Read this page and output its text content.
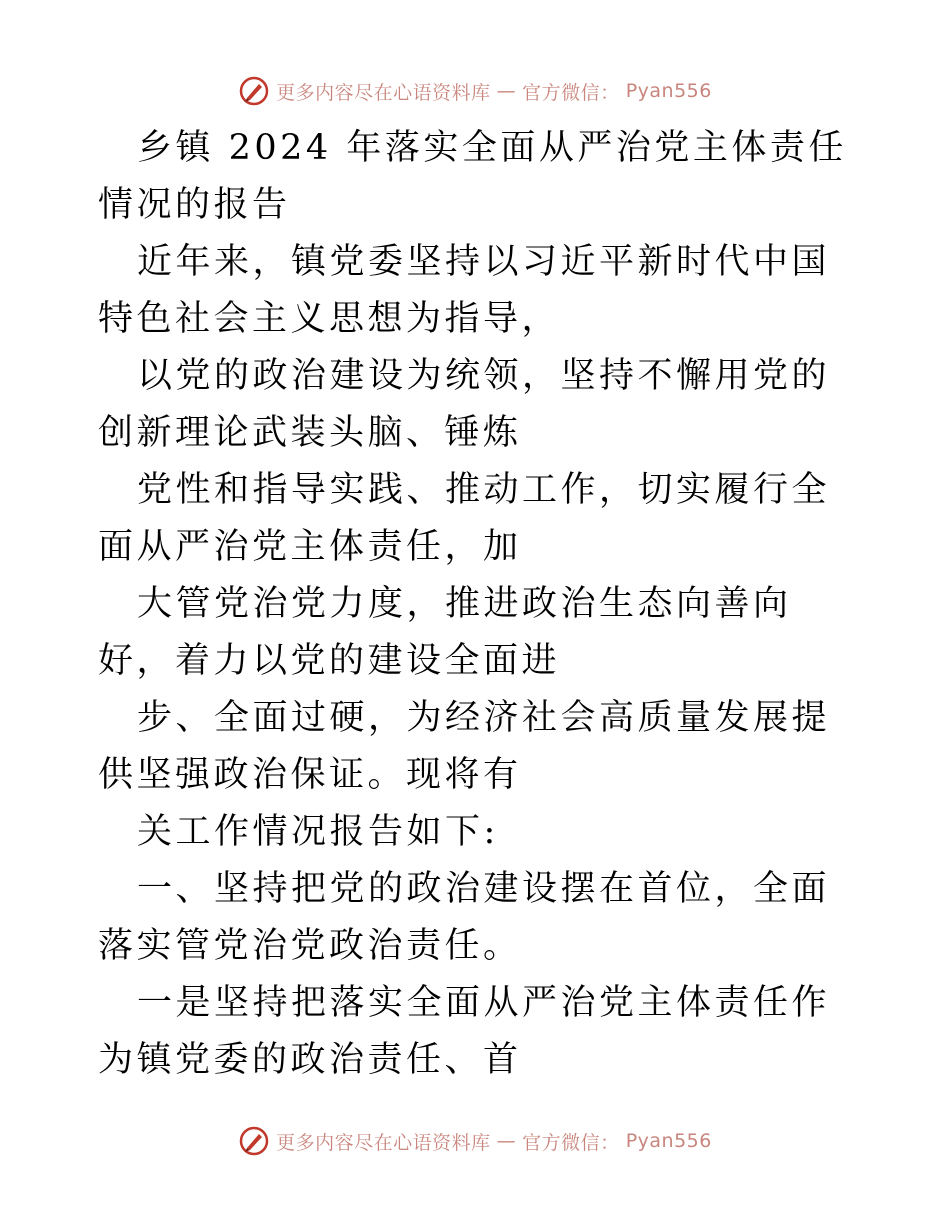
更多内容尽在心语资料库 — 官方微信： Pyan556

乡镇 2024 年落实全面从严治党主体责任情况的报告

近年来，镇党委坚持以习近平新时代中国特色社会主义思想为指导，

以党的政治建设为统领，坚持不懈用党的创新理论武装头脑、锤炼

党性和指导实践、推动工作，切实履行全面从严治党主体责任，加

大管党治党力度，推进政治生态向善向好，着力以党的建设全面进

步、全面过硬，为经济社会高质量发展提供坚强政治保证。现将有

关工作情况报告如下:

一、坚持把党的政治建设摆在首位，全面落实管党治党政治责任。

一是坚持把落实全面从严治党主体责任作为镇党委的政治责任、首

更多内容尽在心语资料库 — 官方微信： Pyan556
